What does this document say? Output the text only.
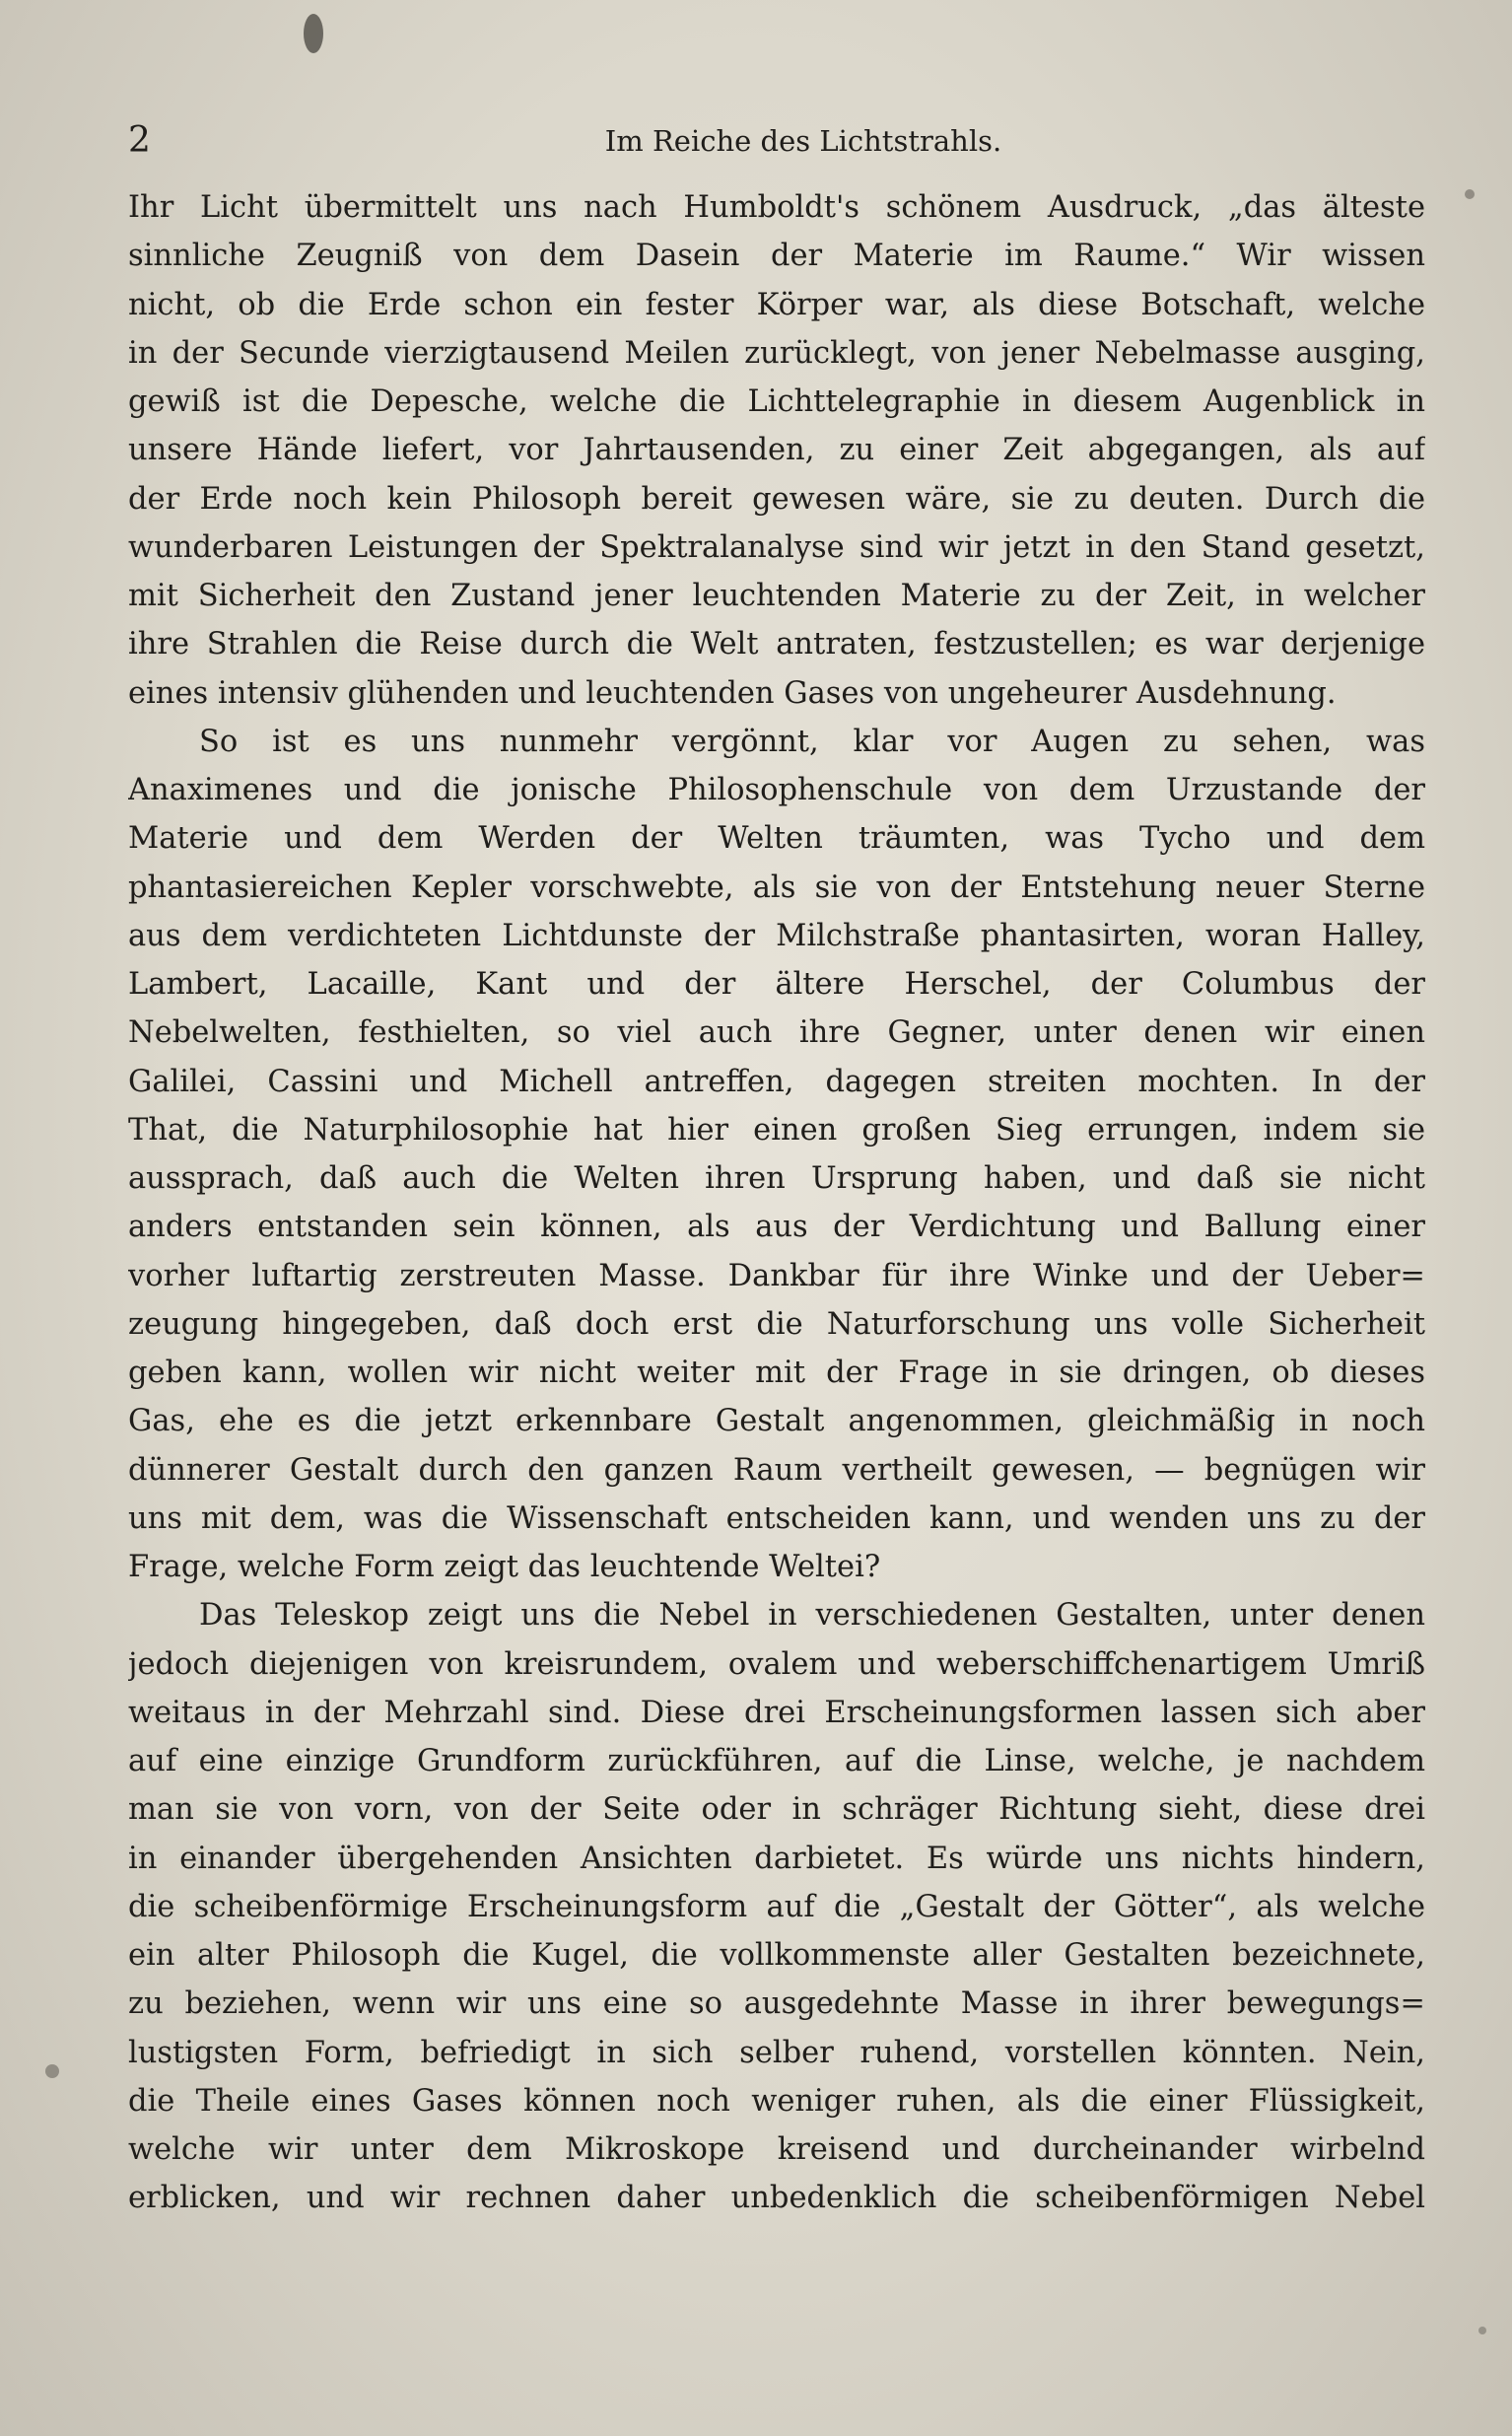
2	Im Reiche des Lichtstrahls.
Ihr Licht übermittelt uns nach Humboldt's schönem Ausdruck, „das älteste
sinnliche Zeugniß von dem Dasein der Materie im Raume.“ Wir wissen
nicht, ob die Erde schon ein fester Körper war, als diese Botschaft, welche
in der Secunde vierzigtausend Meilen zurücklegt, von jener Nebelmasse ausging,
gewiß ist die Depesche, welche die Lichttelegraphie in diesem Augenblick in
unsere Hände liefert, vor Jahrtausenden, zu einer Zeit abgegangen, als auf
der Erde noch kein Philosoph bereit gewesen wäre, sie zu deuten. Durch die
wunderbaren Leistungen der Spektralanalyse sind wir jetzt in den Stand gesetzt,
mit Sicherheit den Zustand jener leuchtenden Materie zu der Zeit, in welcher
ihre Strahlen die Reise durch die Welt antraten, festzustellen; es war derjenige
eines intensiv glühenden und leuchtenden Gases von ungeheurer Ausdehnung.
So ist es uns nunmehr vergönnt, klar vor Augen zu sehen, was
Anaximenes und die jonische Philosophenschule von dem Urzustande der
Materie und dem Werden der Welten träumten, was Tycho und dem
phantasiereichen Kepler vorschwebte, als sie von der Entstehung neuer Sterne
aus dem verdichteten Lichtdunste der Milchstraße phantasirten, woran Halley,
Lambert, Lacaille, Kant und der ältere Herschel, der Columbus der
Nebelwelten, festhielten, so viel auch ihre Gegner, unter denen wir einen
Galilei, Cassini und Michell antreffen, dagegen streiten mochten. In der
That, die Naturphilosophie hat hier einen großen Sieg errungen, indem sie
aussprach, daß auch die Welten ihren Ursprung haben, und daß sie nicht
anders entstanden sein können, als aus der Verdichtung und Ballung einer
vorher luftartig zerstreuten Masse. Dankbar für ihre Winke und der Ueber=
zeugung hingegeben, daß doch erst die Naturforschung uns volle Sicherheit
geben kann, wollen wir nicht weiter mit der Frage in sie dringen, ob dieses
Gas, ehe es die jetzt erkennbare Gestalt angenommen, gleichmäßig in noch
dünnerer Gestalt durch den ganzen Raum vertheilt gewesen, — begnügen wir
uns mit dem, was die Wissenschaft entscheiden kann, und wenden uns zu der
Frage, welche Form zeigt das leuchtende Weltei?
Das Teleskop zeigt uns die Nebel in verschiedenen Gestalten, unter denen
jedoch diejenigen von kreisrundem, ovalem und weberschiffchenartigem Umriß
weitaus in der Mehrzahl sind. Diese drei Erscheinungsformen lassen sich aber
auf eine einzige Grundform zurückführen, auf die Linse, welche, je nachdem
man sie von vorn, von der Seite oder in schräger Richtung sieht, diese drei
in einander übergehenden Ansichten darbietet. Es würde uns nichts hindern,
die scheibenförmige Erscheinungsform auf die „Gestalt der Götter“, als welche
ein alter Philosoph die Kugel, die vollkommenste aller Gestalten bezeichnete,
zu beziehen, wenn wir uns eine so ausgedehnte Masse in ihrer bewegungs=
lustigsten Form, befriedigt in sich selber ruhend, vorstellen könnten. Nein,
die Theile eines Gases können noch weniger ruhen, als die einer Flüssigkeit,
welche wir unter dem Mikroskope kreisend und durcheinander wirbelnd
erblicken, und wir rechnen daher unbedenklich die scheibenförmigen Nebel
